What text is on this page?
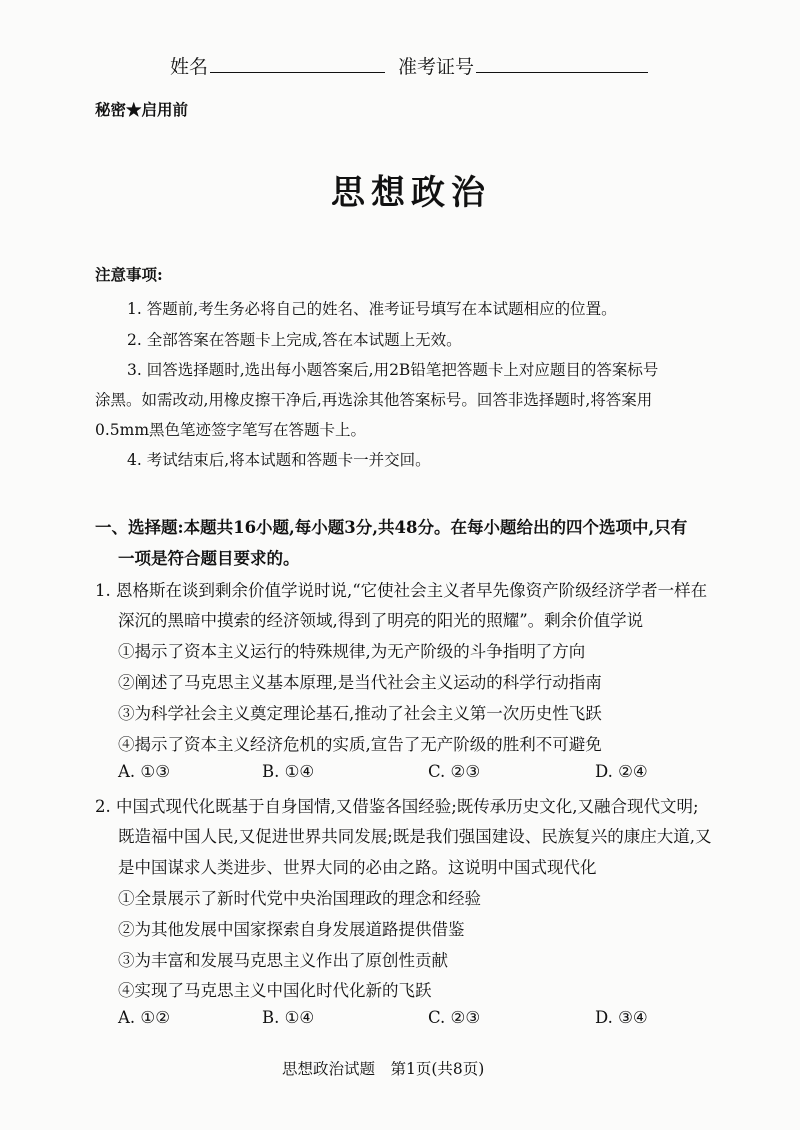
姓名	准考证号
秘密★启用前
思想政治
注意事项:
1. 答题前,考生务必将自己的姓名、准考证号填写在本试题相应的位置。
2. 全部答案在答题卡上完成,答在本试题上无效。
3. 回答选择题时,选出每小题答案后,用2B铅笔把答题卡上对应题目的答案标号
涂黑。如需改动,用橡皮擦干净后,再选涂其他答案标号。回答非选择题时,将答案用
0.5mm黑色笔迹签字笔写在答题卡上。
4. 考试结束后,将本试题和答题卡一并交回。
一、选择题:本题共16小题,每小题3分,共48分。在每小题给出的四个选项中,只有
一项是符合题目要求的。
1. 恩格斯在谈到剩余价值学说时说,“它使社会主义者早先像资产阶级经济学者一样在
深沉的黑暗中摸索的经济领域,得到了明亮的阳光的照耀”。剩余价值学说
①揭示了资本主义运行的特殊规律,为无产阶级的斗争指明了方向
②阐述了马克思主义基本原理,是当代社会主义运动的科学行动指南
③为科学社会主义奠定理论基石,推动了社会主义第一次历史性飞跃
④揭示了资本主义经济危机的实质,宣告了无产阶级的胜利不可避免
A. ①③	B. ①④	C. ②③	D. ②④
2. 中国式现代化既基于自身国情,又借鉴各国经验;既传承历史文化,又融合现代文明;
既造福中国人民,又促进世界共同发展;既是我们强国建设、民族复兴的康庄大道,又
是中国谋求人类进步、世界大同的必由之路。这说明中国式现代化
①全景展示了新时代党中央治国理政的理念和经验
②为其他发展中国家探索自身发展道路提供借鉴
③为丰富和发展马克思主义作出了原创性贡献
④实现了马克思主义中国化时代化新的飞跃
A. ①②	B. ①④	C. ②③	D. ③④
思想政治试题　第1页(共8页)
